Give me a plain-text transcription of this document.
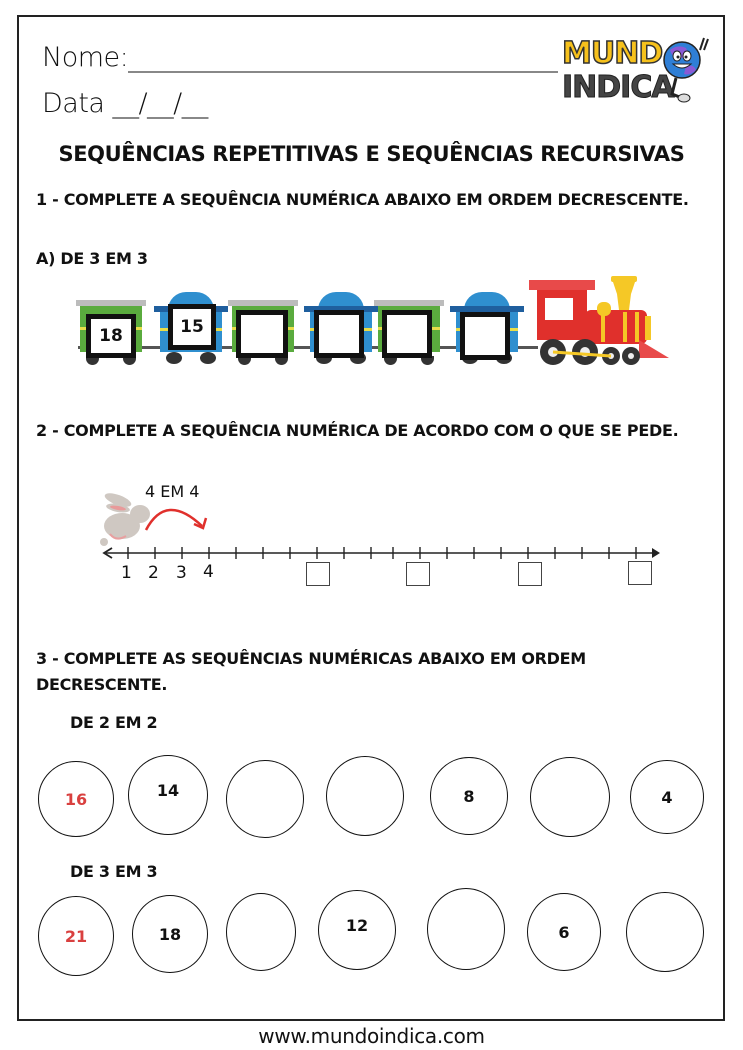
Nome:_________________________________
Data __/__/__
MUND
INDICA
SEQUÊNCIAS REPETITIVAS E SEQUÊNCIAS RECURSIVAS
1 - COMPLETE A SEQUÊNCIA NUMÉRICA ABAIXO EM ORDEM DECRESCENTE.
A) DE 3 EM 3
18	15
2 - COMPLETE A SEQUÊNCIA NUMÉRICA DE ACORDO COM O QUE SE PEDE.
4 EM 4
1 2 3 4
3 - COMPLETE AS SEQUÊNCIAS NUMÉRICAS ABAIXO EM ORDEM DECRESCENTE.
DE 2 EM 2
16	14	8	4
DE 3 EM 3
21	18	12	6
www.mundoindica.com
